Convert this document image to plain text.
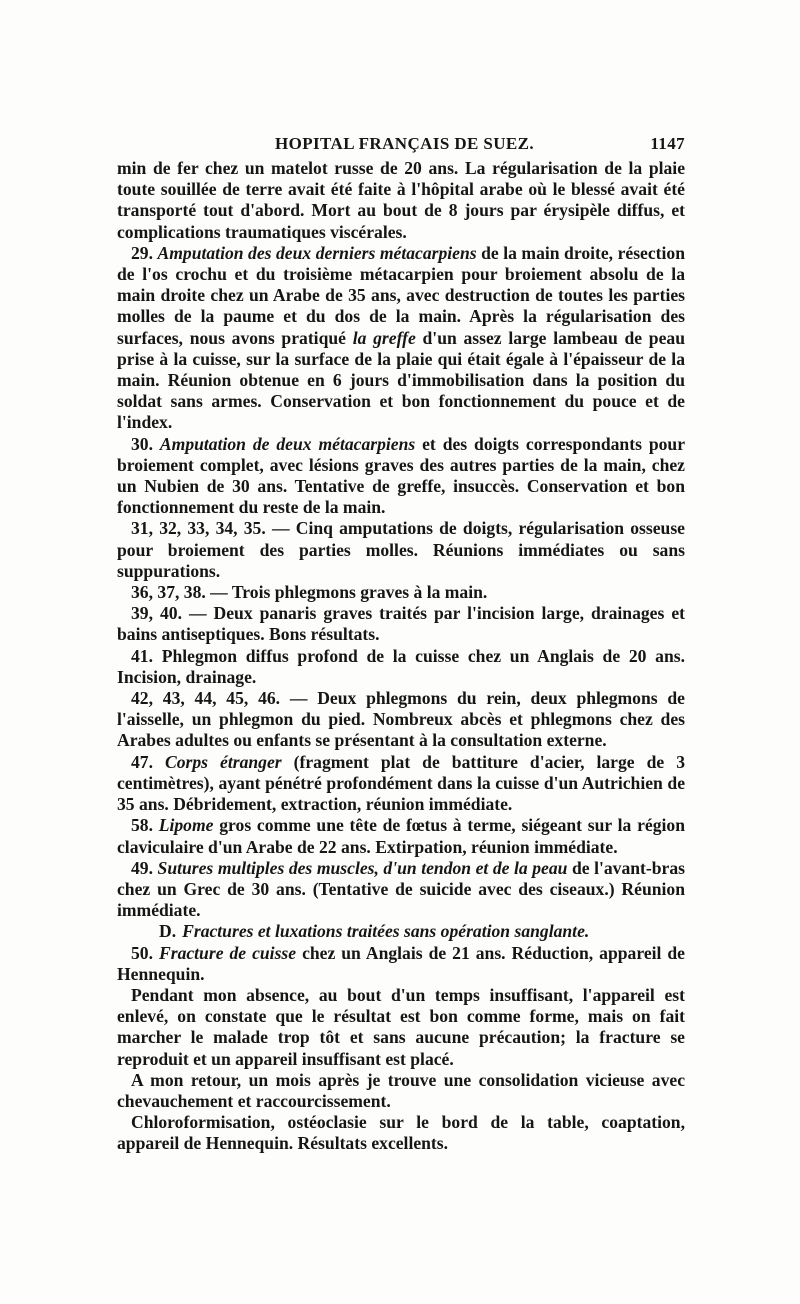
HOPITAL FRANÇAIS DE SUEZ.	1147

min de fer chez un matelot russe de 20 ans. La régularisation de la plaie toute souillée de terre avait été faite à l'hôpital arabe où le blessé avait été transporté tout d'abord. Mort au bout de 8 jours par érysipèle diffus, et complications traumatiques viscérales.

29. Amputation des deux derniers métacarpiens de la main droite, résection de l'os crochu et du troisième métacarpien pour broiement absolu de la main droite chez un Arabe de 35 ans, avec destruction de toutes les parties molles de la paume et du dos de la main. Après la régularisation des surfaces, nous avons pratiqué la greffe d'un assez large lambeau de peau prise à la cuisse, sur la surface de la plaie qui était égale à l'épaisseur de la main. Réunion obtenue en 6 jours d'immobilisation dans la position du soldat sans armes. Conservation et bon fonctionnement du pouce et de l'index.

30. Amputation de deux métacarpiens et des doigts correspondants pour broiement complet, avec lésions graves des autres parties de la main, chez un Nubien de 30 ans. Tentative de greffe, insuccès. Conservation et bon fonctionnement du reste de la main.

31, 32, 33, 34, 35. — Cinq amputations de doigts, régularisation osseuse pour broiement des parties molles. Réunions immédiates ou sans suppurations.

36, 37, 38. — Trois phlegmons graves à la main.

39, 40. — Deux panaris graves traités par l'incision large, drainages et bains antiseptiques. Bons résultats.

41. Phlegmon diffus profond de la cuisse chez un Anglais de 20 ans. Incision, drainage.

42, 43, 44, 45, 46. — Deux phlegmons du rein, deux phlegmons de l'aisselle, un phlegmon du pied. Nombreux abcès et phlegmons chez des Arabes adultes ou enfants se présentant à la consultation externe.

47. Corps étranger (fragment plat de battiture d'acier, large de 3 centimètres), ayant pénétré profondément dans la cuisse d'un Autrichien de 35 ans. Débridement, extraction, réunion immédiate.

58. Lipome gros comme une tête de fœtus à terme, siégeant sur la région claviculaire d'un Arabe de 22 ans. Extirpation, réunion immédiate.

49. Sutures multiples des muscles, d'un tendon et de la peau de l'avant-bras chez un Grec de 30 ans. (Tentative de suicide avec des ciseaux.) Réunion immédiate.

D. Fractures et luxations traitées sans opération sanglante.

50. Fracture de cuisse chez un Anglais de 21 ans. Réduction, appareil de Hennequin.

Pendant mon absence, au bout d'un temps insuffisant, l'appareil est enlevé, on constate que le résultat est bon comme forme, mais on fait marcher le malade trop tôt et sans aucune précaution; la fracture se reproduit et un appareil insuffisant est placé.

A mon retour, un mois après je trouve une consolidation vicieuse avec chevauchement et raccourcissement.

Chloroformisation, ostéoclasie sur le bord de la table, coaptation, appareil de Hennequin. Résultats excellents.
